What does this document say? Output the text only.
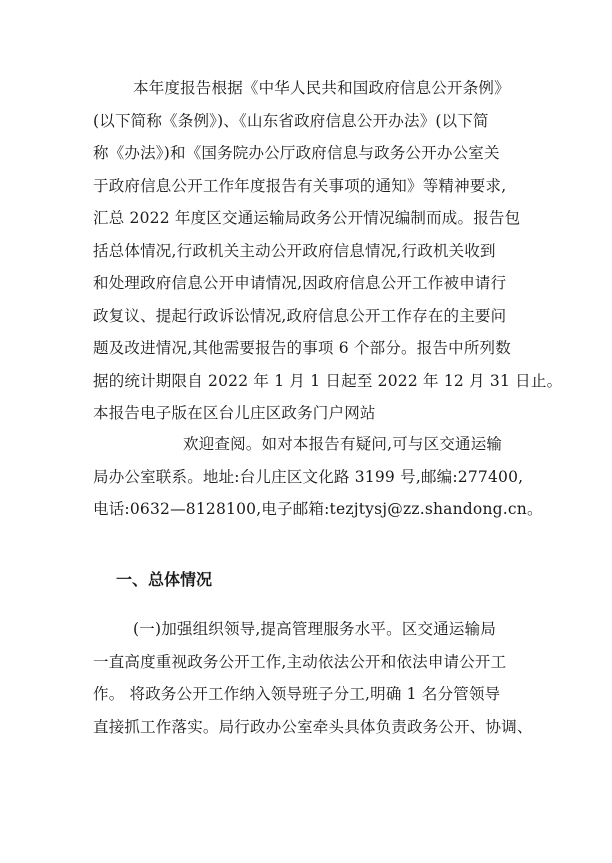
本年度报告根据《中华人民共和国政府信息公开条例》
(以下简称《条例》)、《山东省政府信息公开办法》(以下简
称《办法》)和《国务院办公厅政府信息与政务公开办公室关
于政府信息公开工作年度报告有关事项的通知》等精神要求,
汇总 2022 年度区交通运输局政务公开情况编制而成。报告包
括总体情况,行政机关主动公开政府信息情况,行政机关收到
和处理政府信息公开申请情况,因政府信息公开工作被申请行
政复议、提起行政诉讼情况,政府信息公开工作存在的主要问
题及改进情况,其他需要报告的事项 6 个部分。报告中所列数
据的统计期限自 2022 年 1 月 1 日起至 2022 年 12 月 31 日止。
本报告电子版在区台儿庄区政务门户网站
欢迎查阅。如对本报告有疑问,可与区交通运输
局办公室联系。地址:台儿庄区文化路 3199 号,邮编:277400,
电话:0632—8128100,电子邮箱:tezjtysj@zz.shandong.cn。
一、总体情况
(一)加强组织领导,提高管理服务水平。区交通运输局
一直高度重视政务公开工作,主动依法公开和依法申请公开工
作。 将政务公开工作纳入领导班子分工,明确 1 名分管领导
直接抓工作落实。局行政办公室牵头具体负责政务公开、协调、
